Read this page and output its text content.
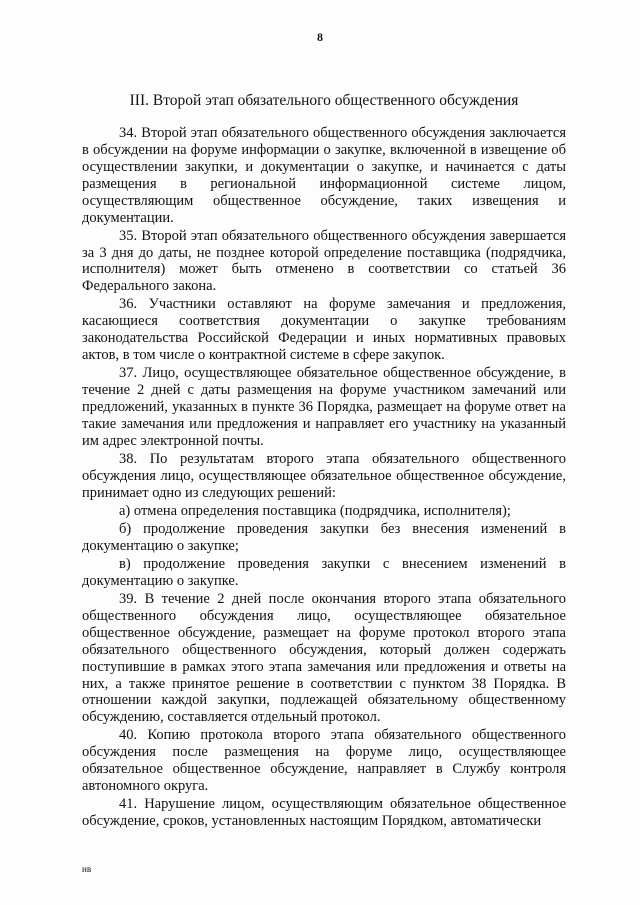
8
III. Второй этап обязательного общественного обсуждения

34. Второй этап обязательного общественного обсуждения заключается в обсуждении на форуме информации о закупке, включенной в извещение об осуществлении закупки, и документации о закупке, и начинается с даты размещения в региональной информационной системе лицом, осуществляющим общественное обсуждение, таких извещения и документации.

35. Второй этап обязательного общественного обсуждения завершается за 3 дня до даты, не позднее которой определение поставщика (подрядчика, исполнителя) может быть отменено в соответствии со статьей 36 Федерального закона.

36. Участники оставляют на форуме замечания и предложения, касающиеся соответствия документации о закупке требованиям законодательства Российской Федерации и иных нормативных правовых актов, в том числе о контрактной системе в сфере закупок.

37. Лицо, осуществляющее обязательное общественное обсуждение, в течение 2 дней с даты размещения на форуме участником замечаний или предложений, указанных в пункте 36 Порядка, размещает на форуме ответ на такие замечания или предложения и направляет его участнику на указанный им адрес электронной почты.

38. По результатам второго этапа обязательного общественного обсуждения лицо, осуществляющее обязательное общественное обсуждение, принимает одно из следующих решений:

а) отмена определения поставщика (подрядчика, исполнителя);

б) продолжение проведения закупки без внесения изменений в документацию о закупке;

в) продолжение проведения закупки с внесением изменений в документацию о закупке.

39. В течение 2 дней после окончания второго этапа обязательного общественного обсуждения лицо, осуществляющее обязательное общественное обсуждение, размещает на форуме протокол второго этапа обязательного общественного обсуждения, который должен содержать поступившие в рамках этого этапа замечания или предложения и ответы на них, а также принятое решение в соответствии с пунктом 38 Порядка. В отношении каждой закупки, подлежащей обязательному общественному обсуждению, составляется отдельный протокол.

40. Копию протокола второго этапа обязательного общественного обсуждения после размещения на форуме лицо, осуществляющее обязательное общественное обсуждение, направляет в Службу контроля автономного округа.

41. Нарушение лицом, осуществляющим обязательное общественное обсуждение, сроков, установленных настоящим Порядком, автоматически

нв
